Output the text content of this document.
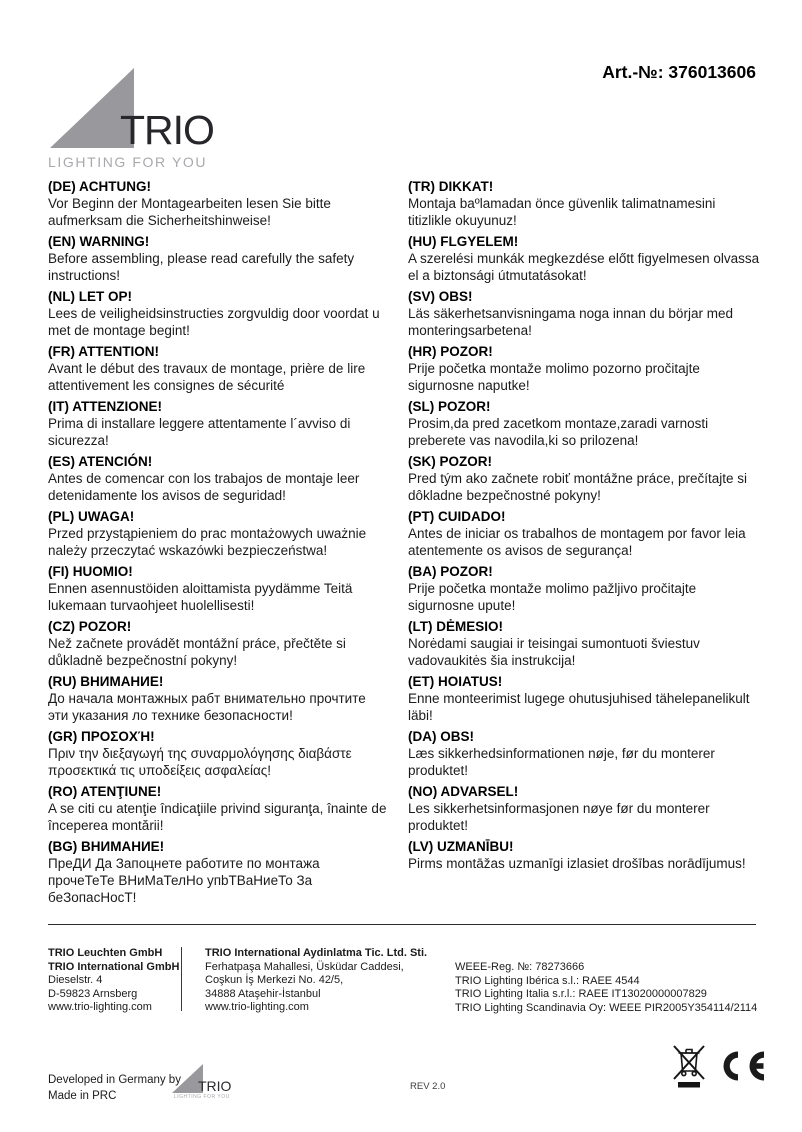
TRIO
LIGHTING FOR YOU
Art.-№: 376013606
(DE) ACHTUNG!
Vor Beginn der Montagearbeiten lesen Sie bitte aufmerksam die Sicherheitshinweise!
(EN) WARNING!
Before assembling, please read carefully the safety instructions!
(NL) LET OP!
Lees de veiligheidsinstructies zorgvuldig door voordat u met de montage begint!
(FR) ATTENTION!
Avant le début des travaux de montage, prière de lire attentivement les consignes de sécurité
(IT) ATTENZIONE!
Prima di installare leggere attentamente l´avviso di sicurezza!
(ES) ATENCIÓN!
Antes de comencar con los trabajos de montaje leer detenidamente los avisos de seguridad!
(PL) UWAGA!
Przed przystąpieniem do prac montażowych uważnie należy przeczytać wskazówki bezpieczeństwa!
(FI) HUOMIO!
Ennen asennustöiden aloittamista pyydämme Teitä lukemaan turvaohjeet huolellisesti!
(CZ) POZOR!
Než začnete provádět montážní práce, přečtěte si důkladně bezpečnostní pokyny!
(RU) ВНИМАНИЕ!
До начала монтажных рабт внимательно прочтите эти указания ло технике безопасности!
(GR) ΠΡΟΣΟΧΉ!
Πριν την διεξαγωγή της συναρμολόγησης διαβάστε προσεκτικά τις υποδείξεις ασφαλείας!
(RO) ATENŢIUNE!
A se citi cu atenţie îndicaţiile privind siguranţa, înainte de începerea montării!
(BG) ВНИМАНИЕ!
ПреДИ Да Запоцнете работите по монтажа прочеТеТе ВНиМаТелНо упbТВаНиеТо За беЗопасНосТ!
(TR) DIKKAT!
Montaja baºlamadan önce güvenlik talimatnamesini titizlikle okuyunuz!
(HU) FLGYELEM!
A szerelési munkák megkezdése előtt figyelmesen olvassa el a biztonsági útmutatásokat!
(SV) OBS!
Läs säkerhetsanvisningama noga innan du börjar med monteringsarbetena!
(HR) POZOR!
Prije početka montaže molimo pozorno pročitajte sigurnosne naputke!
(SL) POZOR!
Prosim,da pred zacetkom montaze,zaradi varnosti preberete vas navodila,ki so prilozena!
(SK) POZOR!
Pred tým ako začnete robiť montážne práce, prečítajte si dôkladne bezpečnostné pokyny!
(PT) CUIDADO!
Antes de iniciar os trabalhos de montagem por favor leia atentemente os avisos de segurança!
(BA) POZOR!
Prije početka montaže molimo pažljivo pročitajte sigurnosne upute!
(LT) DĖMESIO!
Norėdami saugiai ir teisingai sumontuoti šviestuv vadovaukitės šia instrukcija!
(ET) HOIATUS!
Enne monteerimist lugege ohutusjuhised tähelepanelikult läbi!
(DA) OBS!
Læs sikkerhedsinformationen nøje, før du monterer produktet!
(NO) ADVARSEL!
Les sikkerhetsinformasjonen nøye før du monterer produktet!
(LV) UZMANĪBU!
Pirms montāžas uzmanīgi izlasiet drošības norādījumus!
TRIO Leuchten GmbH
TRIO International GmbH
Dieselstr. 4
D-59823 Arnsberg
www.trio-lighting.com
TRIO International Aydinlatma Tic. Ltd. Sti.
Ferhatpaşa Mahallesi, Üsküdar Caddesi,
Coşkun İş Merkezi No. 42/5,
34888 Ataşehir-İstanbul
www.trio-lighting.com
WEEE-Reg. №: 78273666
TRIO Lighting Ibérica s.l.: RAEE 4544
TRIO Lighting Italia s.r.l.: RAEE IT13020000007829
TRIO Lighting Scandinavia Oy: WEEE PIR2005Y354114/2114
Developed in Germany by
Made in PRC
TRIO
LIGHTING FOR YOU
REV 2.0
